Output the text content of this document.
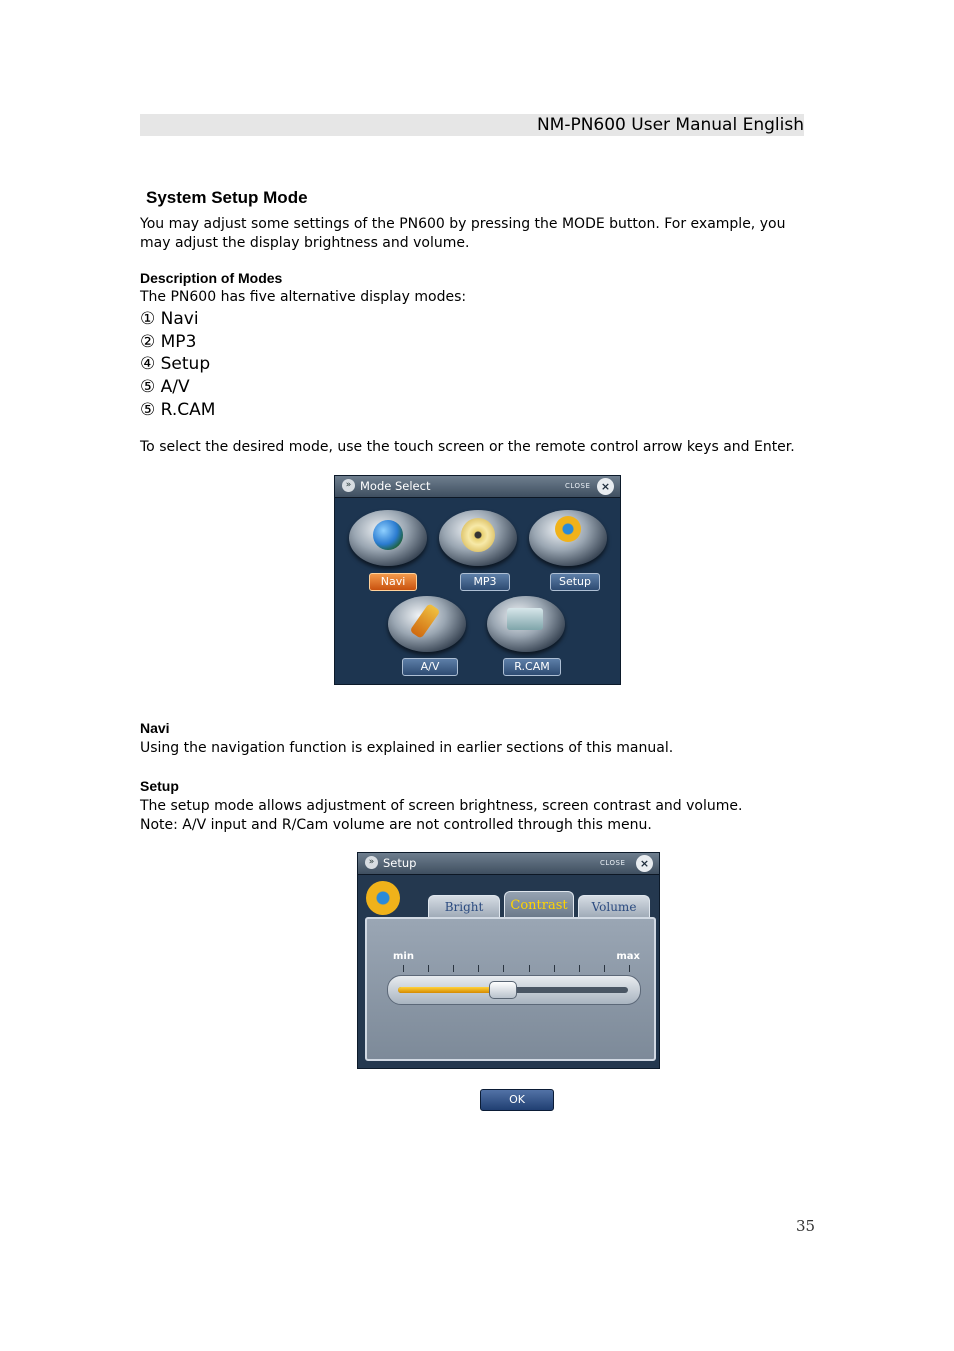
NM-PN600 User Manual English
System Setup Mode
You may adjust some settings of the PN600 by pressing the MODE button. For example, you
may adjust the display brightness and volume.
Description of Modes
The PN600 has five alternative display modes:
① Navi
② MP3
④ Setup
⑤ A/V
⑤ R.CAM
To select the desired mode, use the touch screen or the remote control arrow keys and Enter.
» Mode Select	CLOSE ×
Navi	MP3	Setup
A/V	R.CAM
Navi
Using the navigation function is explained in earlier sections of this manual.
Setup
The setup mode allows adjustment of screen brightness, screen contrast and volume.
Note: A/V input and R/Cam volume are not controlled through this menu.
» Setup	CLOSE	×
Bright	Contrast	Volume
min	max
OK
35
